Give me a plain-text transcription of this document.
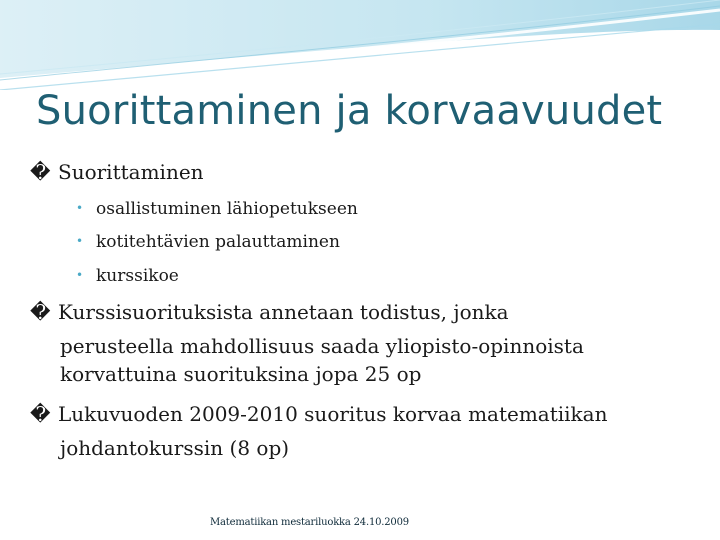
Suorittaminen ja korvaavuudet
� Suorittaminen
• osallistuminen lähiopetukseen
• kotitehtävien palauttaminen
• kurssikoe
� Kurssisuorituksista annetaan todistus, jonka
perusteella mahdollisuus saada yliopisto-opinnoista
korvattuina suorituksina jopa 25 op
� Lukuvuoden 2009-2010 suoritus korvaa matematiikan
johdantokurssin (8 op)
Matematiikan mestariluokka 24.10.2009
